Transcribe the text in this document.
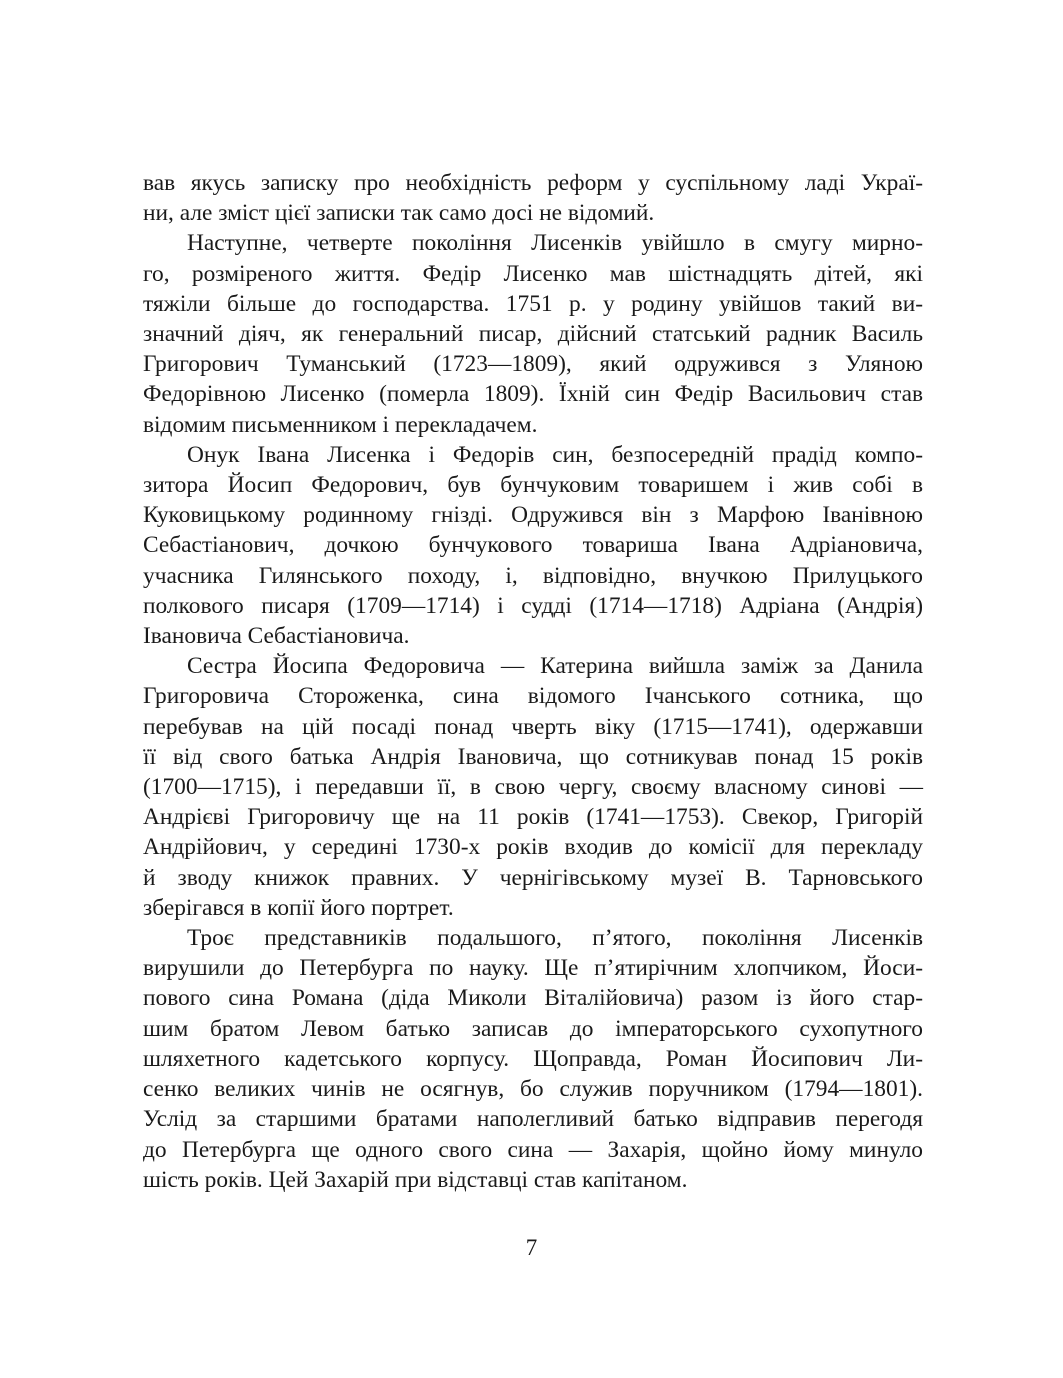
вав якусь записку про необхідність реформ у суспільному ладі Украї-
ни, але зміст цієї записки так само досі не відомий.

Наступне, четверте покоління Лисенків увійшло в смугу мирно-
го, розміреного життя. Федір Лисенко мав шістнадцять дітей, які
тяжіли більше до господарства. 1751 р. у родину увійшов такий ви-
значний діяч, як генеральний писар, дійсний статський радник Василь
Григорович Туманський (1723—1809), який одружився з Уляною
Федорівною Лисенко (померла 1809). Їхній син Федір Васильович став
відомим письменником і перекладачем.

Онук Івана Лисенка і Федорів син, безпосередній прадід компо-
зитора Йосип Федорович, був бунчуковим товаришем і жив собі в
Куковицькому родинному гнізді. Одружився він з Марфою Іванівною
Себастіанович, дочкою бунчукового товариша Івана Адріановича,
учасника Гилянського походу, і, відповідно, внучкою Прилуцького
полкового писаря (1709—1714) і судді (1714—1718) Адріана (Андрія)
Івановича Себастіановича.

Сестра Йосипа Федоровича — Катерина вийшла заміж за Данила
Григоровича Стороженка, сина відомого Ічанського сотника, що
перебував на цій посаді понад чверть віку (1715—1741), одержавши
її від свого батька Андрія Івановича, що сотникував понад 15 років
(1700—1715), і передавши її, в свою чергу, своєму власному синові —
Андрієві Григоровичу ще на 11 років (1741—1753). Свекор, Григорій
Андрійович, у середині 1730-х років входив до комісії для перекладу
й зводу книжок правних. У чернігівському музеї В. Тарновського
зберігався в копії його портрет.

Троє представників подальшого, п’ятого, покоління Лисенків
вирушили до Петербурга по науку. Ще п’ятирічним хлопчиком, Йоси-
пового сина Романа (діда Миколи Віталійовича) разом із його стар-
шим братом Левом батько записав до імператорського сухопутного
шляхетного кадетського корпусу. Щоправда, Роман Йосипович Ли-
сенко великих чинів не осягнув, бо служив поручником (1794—1801).
Услід за старшими братами наполегливий батько відправив перегодя
до Петербурга ще одного свого сина — Захарія, щойно йому минуло
шість років. Цей Захарій при відставці став капітаном.

7
